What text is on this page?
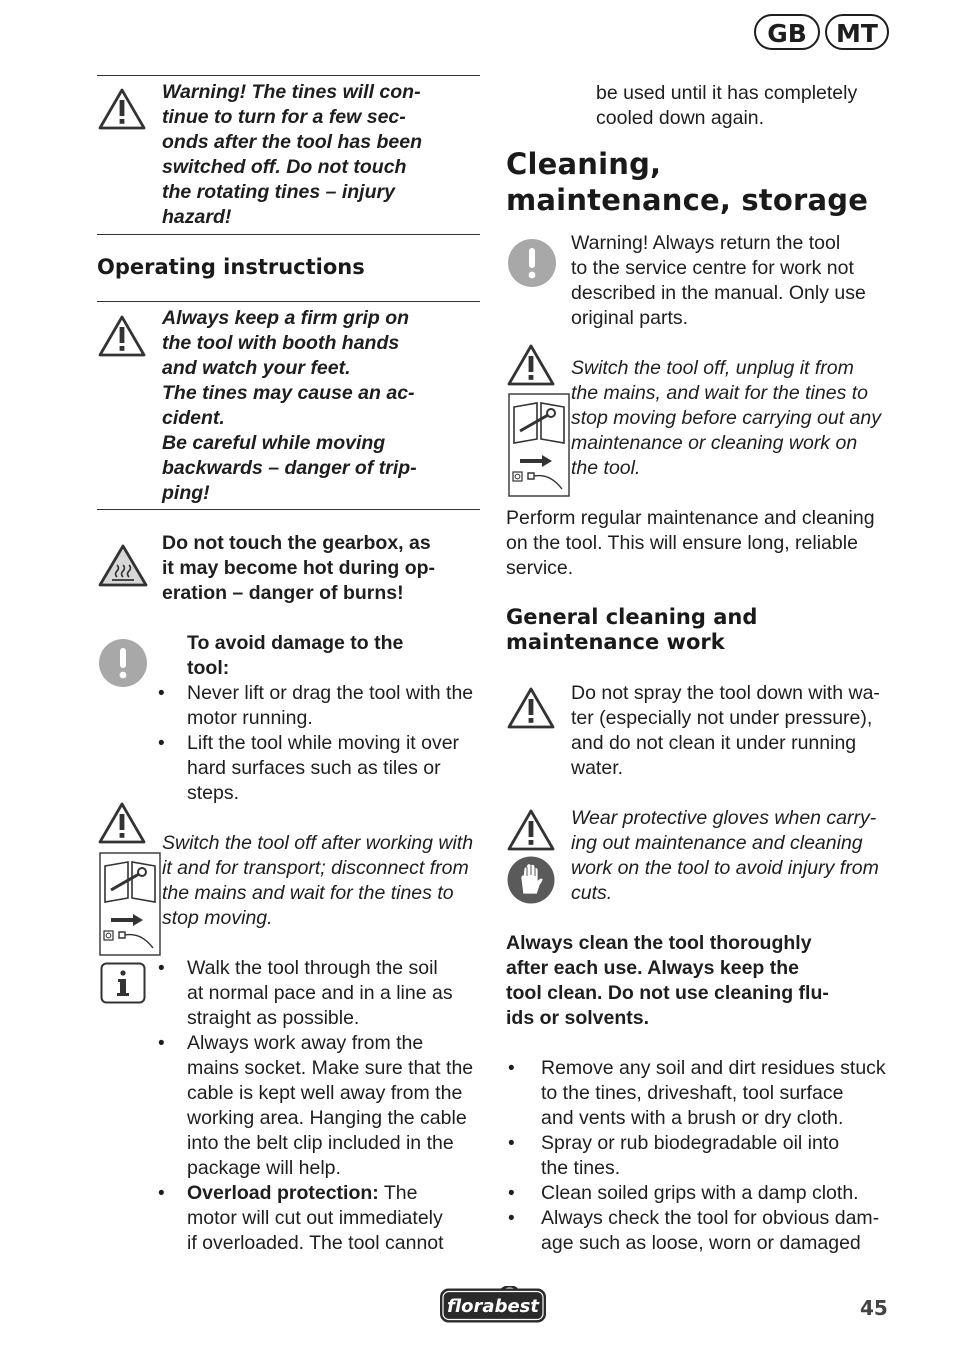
GB	MT
Warning! The tines will con-
tinue to turn for a few sec-
onds after the tool has been
switched off. Do not touch
the rotating tines – injury
hazard!
Operating instructions
Always keep a firm grip on
the tool with booth hands
and watch your feet.
The tines may cause an ac-
cident.
Be careful while moving
backwards – danger of trip-
ping!
Do not touch the gearbox, as
it may become hot during op-
eration – danger of burns!
To avoid damage to the
tool:
• Never lift or drag the tool with the
motor running.
• Lift the tool while moving it over
hard surfaces such as tiles or
steps.
Switch the tool off after working with
it and for transport; disconnect from
the mains and wait for the tines to
stop moving.
• Walk the tool through the soil
at normal pace and in a line as
straight as possible.
• Always work away from the
mains socket. Make sure that the
cable is kept well away from the
working area. Hanging the cable
into the belt clip included in the
package will help.
• Overload protection: The
motor will cut out immediately
if overloaded. The tool cannot
be used until it has completely
cooled down again.
Cleaning,
maintenance, storage
Warning! Always return the tool
to the service centre for work not
described in the manual. Only use
original parts.
Switch the tool off, unplug it from
the mains, and wait for the tines to
stop moving before carrying out any
maintenance or cleaning work on
the tool.
Perform regular maintenance and cleaning
on the tool. This will ensure long, reliable
service.
General cleaning and
maintenance work
Do not spray the tool down with wa-
ter (especially not under pressure),
and do not clean it under running
water.
Wear protective gloves when carry-
ing out maintenance and cleaning
work on the tool to avoid injury from
cuts.
Always clean the tool thoroughly
after each use. Always keep the
tool clean. Do not use cleaning flu-
ids or solvents.
• Remove any soil and dirt residues stuck
to the tines, driveshaft, tool surface
and vents with a brush or dry cloth.
• Spray or rub biodegradable oil into
the tines.
• Clean soiled grips with a damp cloth.
• Always check the tool for obvious dam-
age such as loose, worn or damaged
florabest	45
